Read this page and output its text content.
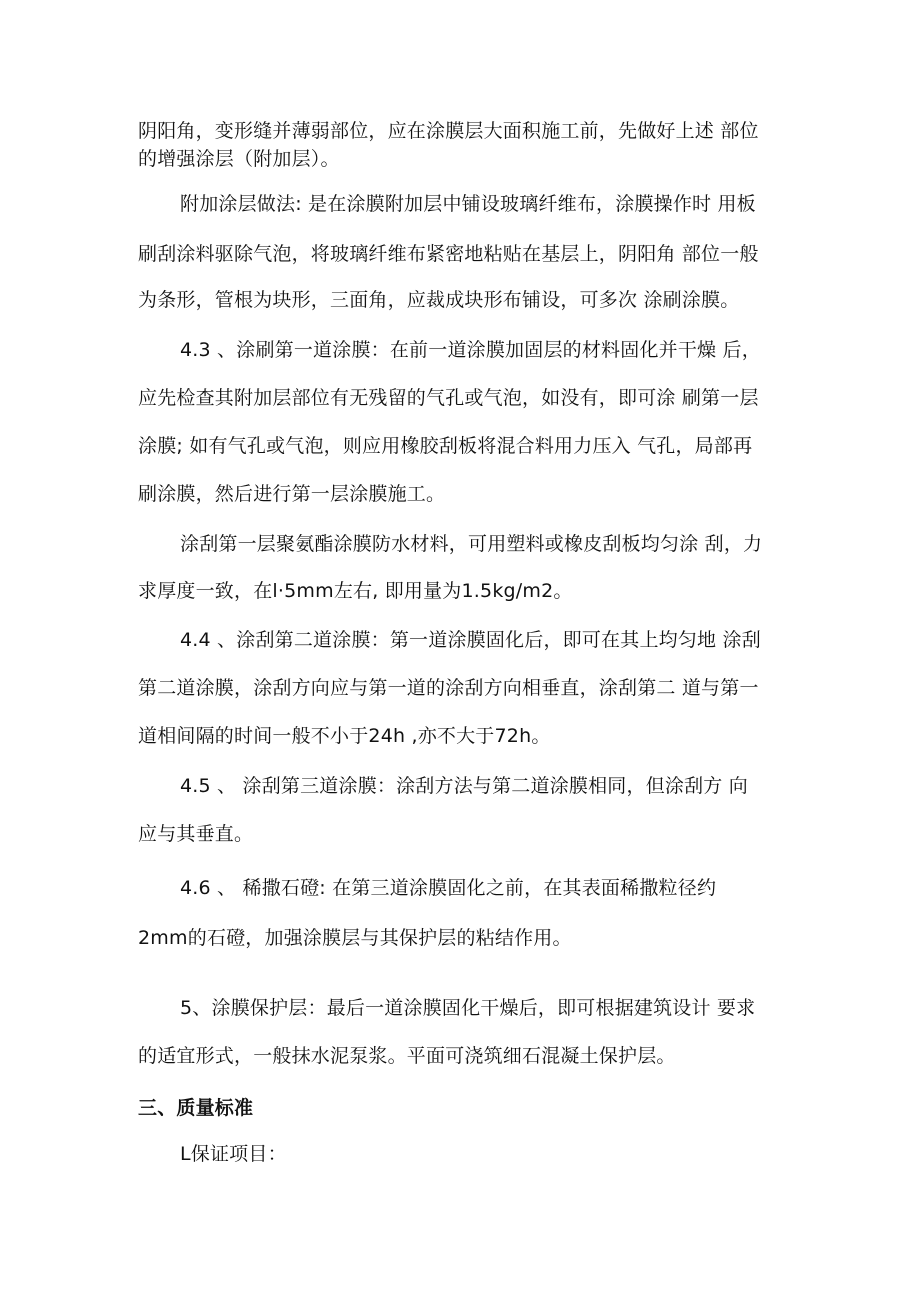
阴阳角，变形缝并薄弱部位，应在涂膜层大面积施工前，先做好上述 部位
的增强涂层（附加层）。
附加涂层做法: 是在涂膜附加层中铺设玻璃纤维布，涂膜操作时 用板
刷刮涂料驱除气泡，将玻璃纤维布紧密地粘贴在基层上，阴阳角 部位一般
为条形，管根为块形，三面角，应裁成块形布铺设，可多次 涂刷涂膜。
4.3 、涂刷第一道涂膜：在前一道涂膜加固层的材料固化并干燥 后，
应先检查其附加层部位有无残留的气孔或气泡，如没有，即可涂 刷第一层
涂膜; 如有气孔或气泡，则应用橡胶刮板将混合料用力压入 气孔，局部再
刷涂膜，然后进行第一层涂膜施工。
涂刮第一层聚氨酯涂膜防水材料，可用塑料或橡皮刮板均匀涂 刮，力
求厚度一致，在l·5mm左右, 即用量为1.5kg∕m2。
4.4 、涂刮第二道涂膜：第一道涂膜固化后，即可在其上均匀地 涂刮
第二道涂膜，涂刮方向应与第一道的涂刮方向相垂直，涂刮第二 道与第一
道相间隔的时间一般不小于24h ,亦不大于72h。
4.5 、 涂刮第三道涂膜：涂刮方法与第二道涂膜相同，但涂刮方 向
应与其垂直。
4.6 、 稀撒石磴: 在第三道涂膜固化之前，在其表面稀撒粒径约
2mm的石磴，加强涂膜层与其保护层的粘结作用。
5、涂膜保护层：最后一道涂膜固化干燥后，即可根据建筑设计 要求
的适宜形式，一般抹水泥泵浆。平面可浇筑细石混凝土保护层。
三、质量标准
L保证项目：
